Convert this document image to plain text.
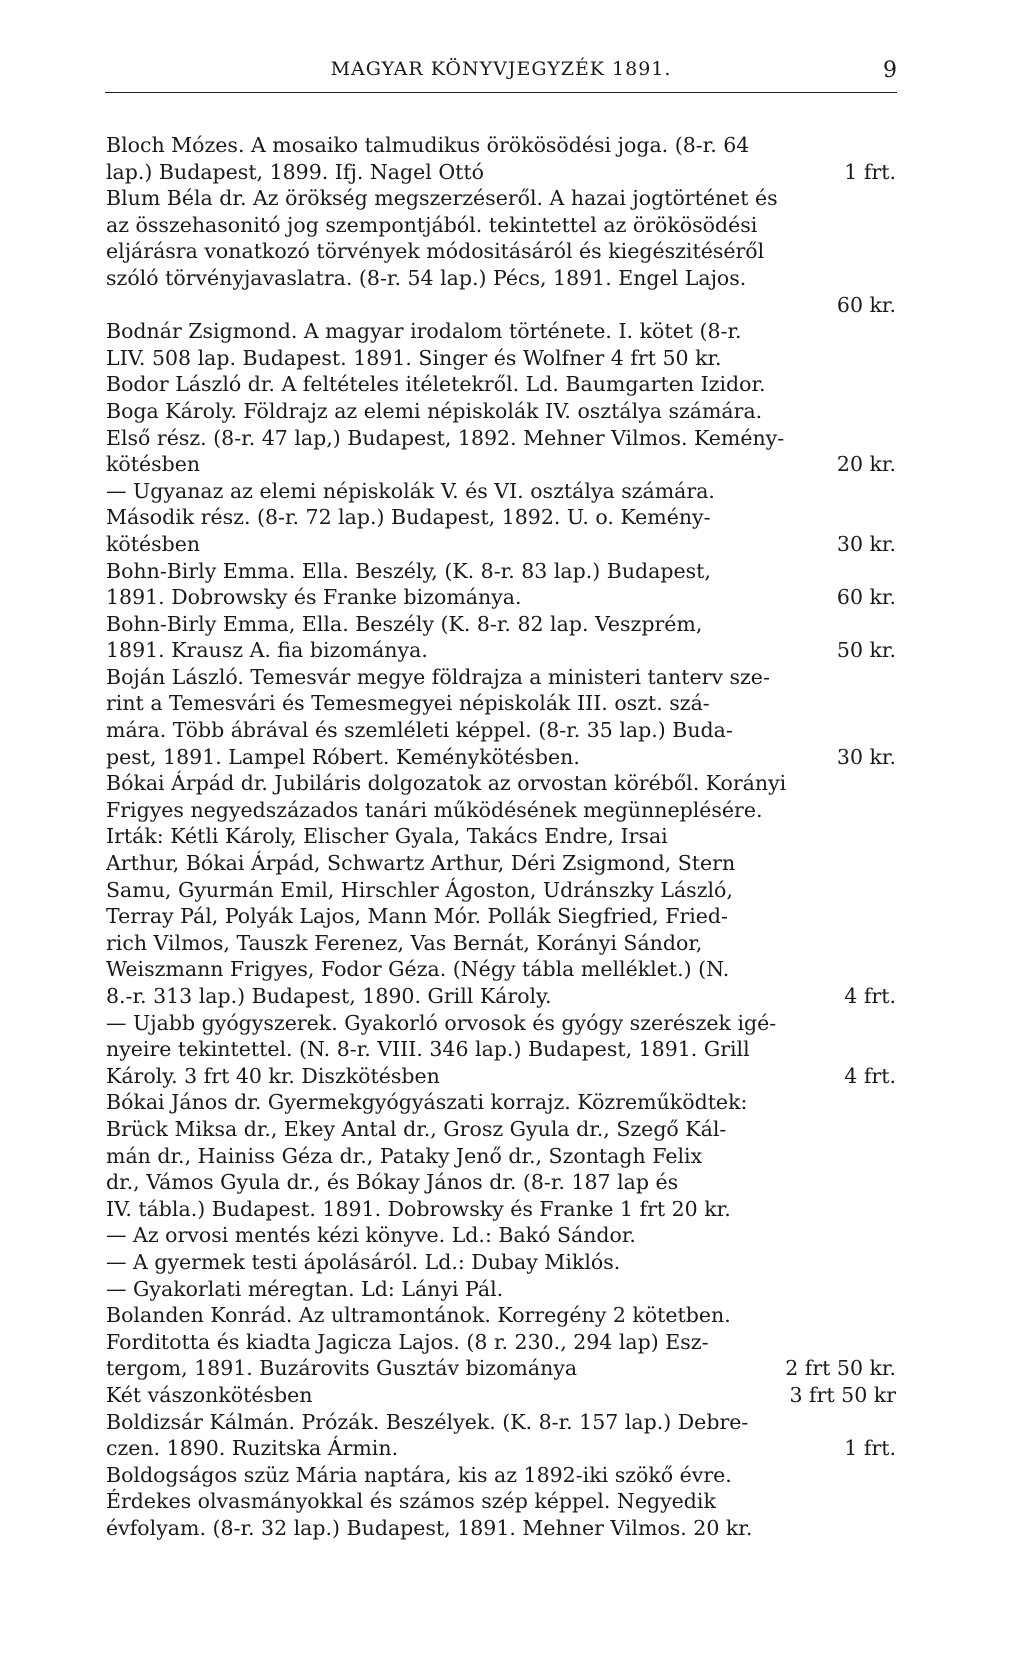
MAGYAR KÖNYVJEGYZÉK 1891.	9
Bloch Mózes. A mosaiko talmudikus örökösödési joga. (8-r. 64
lap.) Budapest, 1899. Ifj. Nagel Ottó	1 frt.
Blum Béla dr. Az örökség megszerzéseről. A hazai jogtörténet és
az összehasonitó jog szempontjából. tekintettel az örökösödési
eljárásra vonatkozó törvények módositásáról és kiegészitéséről
szóló törvényjavaslatra. (8-r. 54 lap.) Pécs, 1891. Engel Lajos.
60 kr.
Bodnár Zsigmond. A magyar irodalom története. I. kötet (8-r.
LIV. 508 lap. Budapest. 1891. Singer és Wolfner 4 frt 50 kr.
Bodor László dr. A feltételes itéletekről. Ld. Baumgarten Izidor.
Boga Károly. Földrajz az elemi népiskolák IV. osztálya számára.
Első rész. (8-r. 47 lap,) Budapest, 1892. Mehner Vilmos. Kemény-
kötésben	20 kr.
— Ugyanaz az elemi népiskolák V. és VI. osztálya számára.
Második rész. (8-r. 72 lap.) Budapest, 1892. U. o. Kemény-
kötésben	30 kr.
Bohn-Birly Emma. Ella. Beszély, (K. 8-r. 83 lap.) Budapest,
1891. Dobrowsky és Franke bizománya.	60 kr.
Bohn-Birly Emma, Ella. Beszély (K. 8-r. 82 lap. Veszprém,
1891. Krausz A. fia bizománya.	50 kr.
Boján László. Temesvár megye földrajza a ministeri tanterv sze-
rint a Temesvári és Temesmegyei népiskolák III. oszt. szá-
mára. Több ábrával és szemléleti képpel. (8-r. 35 lap.) Buda-
pest, 1891. Lampel Róbert. Keménykötésben.	30 kr.
Bókai Árpád dr. Jubiláris dolgozatok az orvostan köréből. Korányi
Frigyes negyedszázados tanári működésének megünneplésére.
Irták: Kétli Károly, Elischer Gyala, Takács Endre, Irsai
Arthur, Bókai Árpád, Schwartz Arthur, Déri Zsigmond, Stern
Samu, Gyurmán Emil, Hirschler Ágoston, Udránszky László,
Terray Pál, Polyák Lajos, Mann Mór. Pollák Siegfried, Fried-
rich Vilmos, Tauszk Ferenez, Vas Bernát, Korányi Sándor,
Weiszmann Frigyes, Fodor Géza. (Négy tábla melléklet.) (N.
8.-r. 313 lap.) Budapest, 1890. Grill Károly.	4 frt.
— Ujabb gyógyszerek. Gyakorló orvosok és gyógy szerészek igé-
nyeire tekintettel. (N. 8-r. VIII. 346 lap.) Budapest, 1891. Grill
Károly. 3 frt 40 kr. Diszkötésben	4 frt.
Bókai János dr. Gyermekgyógyászati korrajz. Közreműködtek:
Brück Miksa dr., Ekey Antal dr., Grosz Gyula dr., Szegő Kál-
mán dr., Hainiss Géza dr., Pataky Jenő dr., Szontagh Felix
dr., Vámos Gyula dr., és Bókay János dr. (8-r. 187 lap és
IV. tábla.) Budapest. 1891. Dobrowsky és Franke 1 frt 20 kr.
— Az orvosi mentés kézi könyve. Ld.: Bakó Sándor.
— A gyermek testi ápolásáról. Ld.: Dubay Miklós.
— Gyakorlati méregtan. Ld: Lányi Pál.
Bolanden Konrád. Az ultramontánok. Korregény 2 kötetben.
Forditotta és kiadta Jagicza Lajos. (8 r. 230., 294 lap) Esz-
tergom, 1891. Buzárovits Gusztáv bizománya	2 frt 50 kr.
Két vászonkötésben	3 frt 50 kr
Boldizsár Kálmán. Prózák. Beszélyek. (K. 8-r. 157 lap.) Debre-
czen. 1890. Ruzitska Ármin.	1 frt.
Boldogságos szüz Mária naptára, kis az 1892-iki szökő évre.
Érdekes olvasmányokkal és számos szép képpel. Negyedik
évfolyam. (8-r. 32 lap.) Budapest, 1891. Mehner Vilmos. 20 kr.
